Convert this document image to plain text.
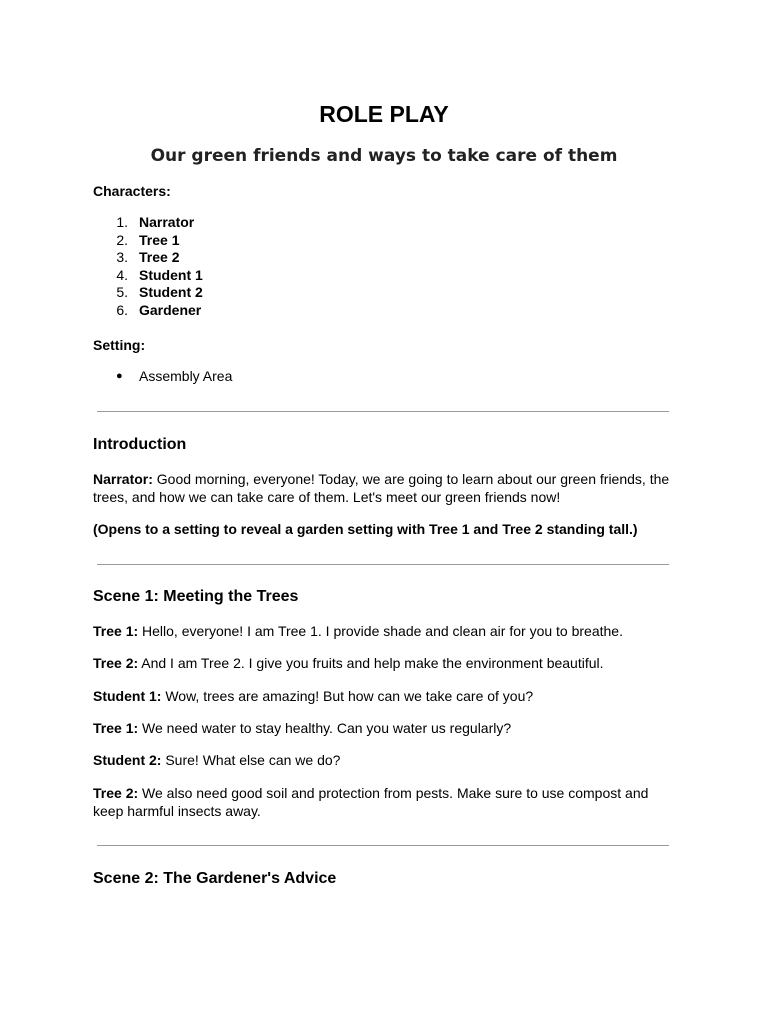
ROLE PLAY
Our green friends and ways to take care of them

Characters:

1. Narrator
2. Tree 1
3. Tree 2
4. Student 1
5. Student 2
6. Gardener

Setting:

● Assembly Area
Introduction

Narrator: Good morning, everyone! Today, we are going to learn about our green friends, the trees, and how we can take care of them. Let's meet our green friends now!

(Opens to a setting to reveal a garden setting with Tree 1 and Tree 2 standing tall.)

Scene 1: Meeting the Trees

Tree 1: Hello, everyone! I am Tree 1. I provide shade and clean air for you to breathe.

Tree 2: And I am Tree 2. I give you fruits and help make the environment beautiful.

Student 1: Wow, trees are amazing! But how can we take care of you?

Tree 1: We need water to stay healthy. Can you water us regularly?

Student 2: Sure! What else can we do?

Tree 2: We also need good soil and protection from pests. Make sure to use compost and keep harmful insects away.

Scene 2: The Gardener's Advice
